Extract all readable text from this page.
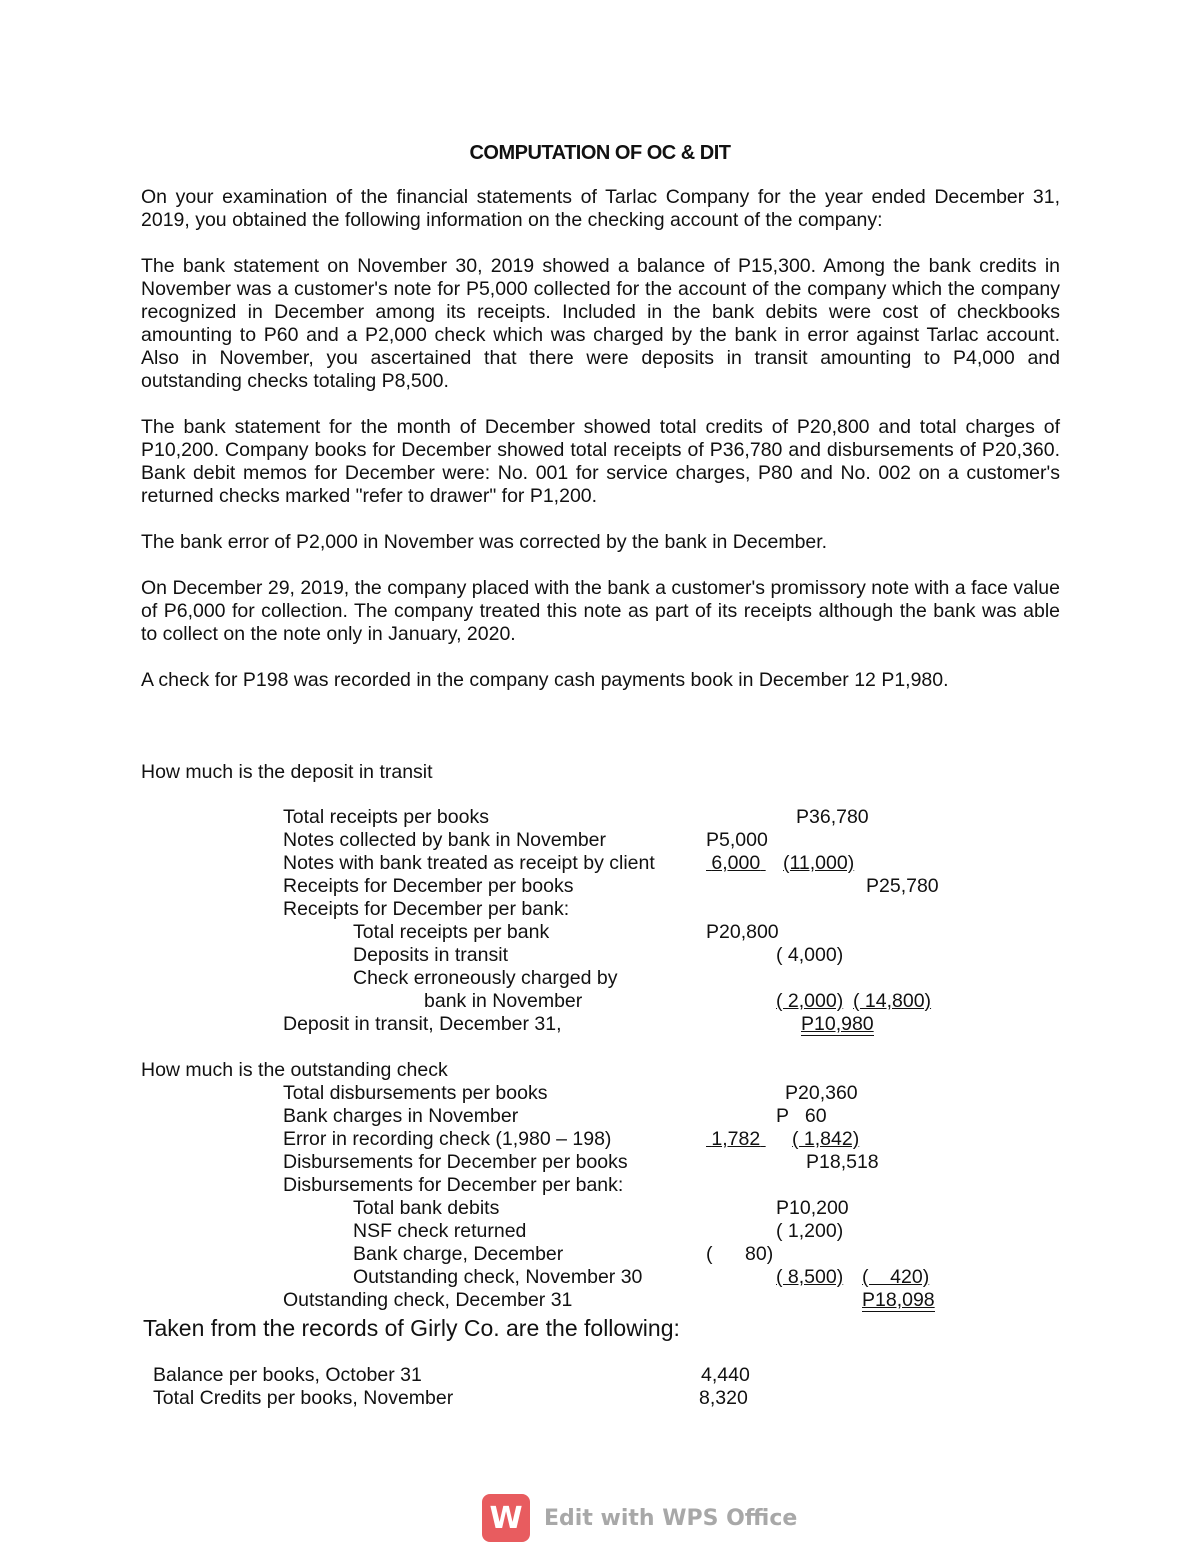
COMPUTATION OF OC & DIT

On your examination of the financial statements of Tarlac Company for the year ended December 31, 2019, you obtained the following information on the checking account of the company:

The bank statement on November 30, 2019 showed a balance of P15,300. Among the bank credits in November was a customer's note for P5,000 collected for the account of the company which the company recognized in December among its receipts. Included in the bank debits were cost of checkbooks amounting to P60 and a P2,000 check which was charged by the bank in error against Tarlac account. Also in November, you ascertained that there were deposits in transit amounting to P4,000 and outstanding checks totaling P8,500.

The bank statement for the month of December showed total credits of P20,800 and total charges of P10,200. Company books for December showed total receipts of P36,780 and disbursements of P20,360. Bank debit memos for December were: No. 001 for service charges, P80 and No. 002 on a customer's returned checks marked "refer to drawer" for P1,200.

The bank error of P2,000 in November was corrected by the bank in December.

On December 29, 2019, the company placed with the bank a customer's promissory note with a face value of P6,000 for collection. The company treated this note as part of its receipts although the bank was able to collect on the note only in January, 2020.

A check for P198 was recorded in the company cash payments book in December 12 P1,980.

How much is the deposit in transit
Total receipts per books	P36,780
Notes collected by bank in November	P5,000
Notes with bank treated as receipt by client	6,000 (11,000)
Receipts for December per books	P25,780
Receipts for December per bank:
Total receipts per bank	P20,800
Deposits in transit	( 4,000)
Check erroneously charged by
bank in November	( 2,000) ( 14,800)
Deposit in transit, December 31,	P10,980
How much is the outstanding check
Total disbursements per books	P20,360
Bank charges in November	P   60
Error in recording check (1,980 – 198)	1,782 ( 1,842)
Disbursements for December per books	P18,518
Disbursements for December per bank:
Total bank debits	P10,200
NSF check returned	( 1,200)
Bank charge, December	(      80)
Outstanding check, November 30	( 8,500) (    420)
Outstanding check, December 31	P18,098
Taken from the records of Girly Co. are the following:
Balance per books, October 31	4,440
Total Credits per books, November	8,320
W Edit with WPS Office
